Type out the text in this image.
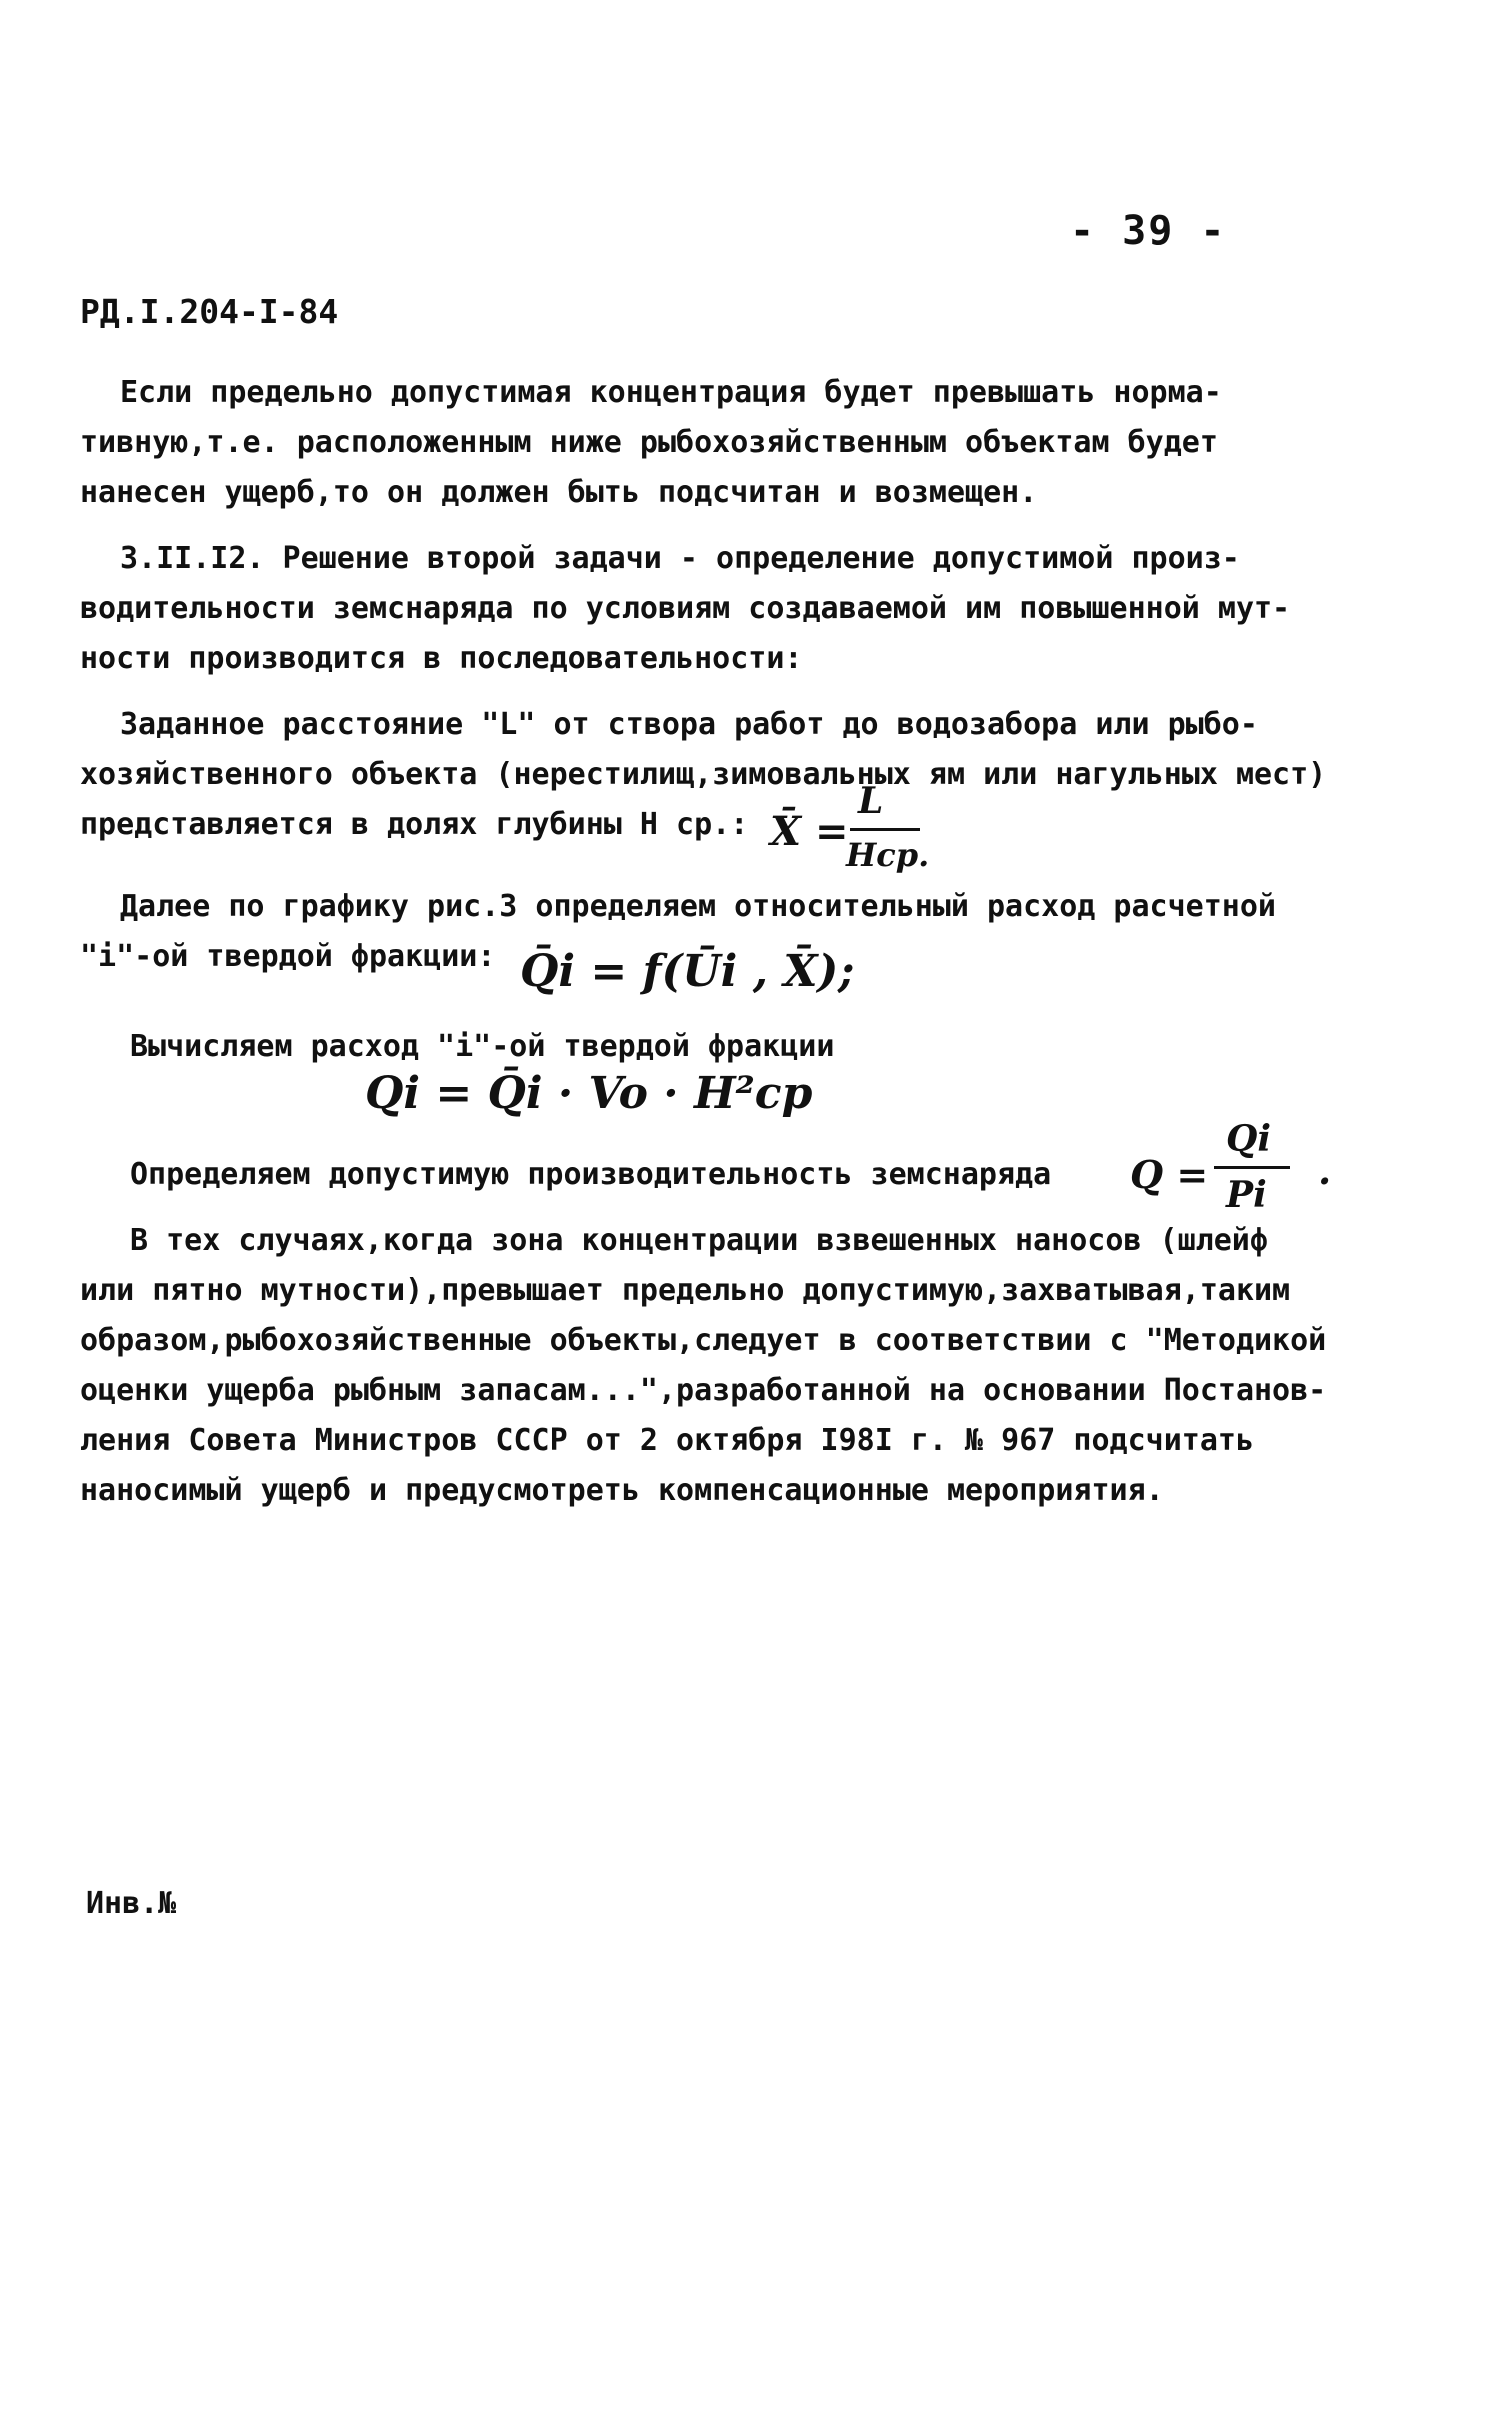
- 39 -
РД.I.204-I-84

Если предельно допустимая концентрация будет превышать норма-

тивную,т.е. расположенным ниже рыбохозяйственным объектам будет

нанесен ущерб,то он должен быть подсчитан и возмещен.

3.II.I2. Решение второй задачи - определение допустимой произ-

водительности земснаряда по условиям создаваемой им повышенной мут-

ности производится в последовательности:

Заданное расстояние "L" от створа работ до водозабора или рыбо-

хозяйственного объекта (нерестилищ,зимовальных ям или нагульных мест)

представляется в долях глубины Н ср.: X̄ =
L
Hср.

Далее по графику рис.3 определяем относительный расход расчетной

"i"-ой твердой фракции: Q̄i = f(Ūi , X̄);

Вычисляем расход "i"-ой твердой фракции

Qi = Q̄i · Vo · H²ср

Определяем допустимую производительность земснаряда Q =
Qi
Pi
.

В тех случаях,когда зона концентрации взвешенных наносов (шлейф

или пятно мутности),превышает предельно допустимую,захватывая,таким

образом,рыбохозяйственные объекты,следует в соответствии с "Методикой

оценки ущерба рыбным запасам...",разработанной на основании Постанов-

ления Совета Министров СССР от 2 октября I98I г. № 967 подсчитать

наносимый ущерб и предусмотреть компенсационные мероприятия.

Инв.№
